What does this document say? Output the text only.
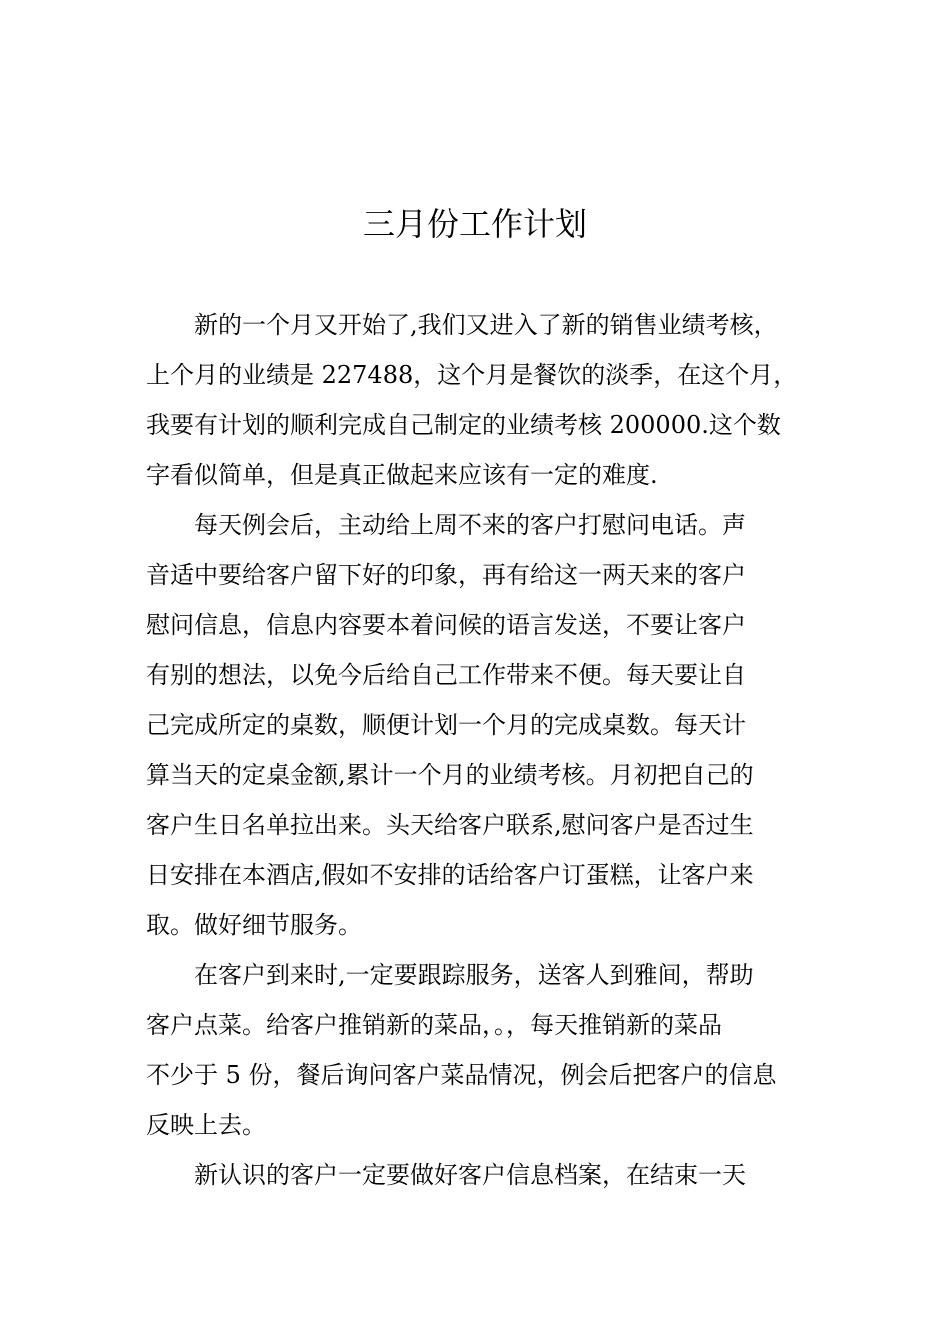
三月份工作计划
新的一个月又开始了,我们又进入了新的销售业绩考核，
上个月的业绩是 227488，这个月是餐饮的淡季，在这个月，
我要有计划的顺利完成自己制定的业绩考核 200000.这个数
字看似简单，但是真正做起来应该有一定的难度.
每天例会后，主动给上周不来的客户打慰问电话。声
音适中要给客户留下好的印象，再有给这一两天来的客户
慰问信息，信息内容要本着问候的语言发送，不要让客户
有别的想法，以免今后给自己工作带来不便。每天要让自
己完成所定的桌数，顺便计划一个月的完成桌数。每天计
算当天的定桌金额,累计一个月的业绩考核。月初把自己的
客户生日名单拉出来。头天给客户联系,慰问客户是否过生
日安排在本酒店,假如不安排的话给客户订蛋糕，让客户来
取。做好细节服务。
在客户到来时,一定要跟踪服务，送客人到雅间，帮助
客户点菜。给客户推销新的菜品，。，每天推销新的菜品
不少于 5 份，餐后询问客户菜品情况，例会后把客户的信息
反映上去。
新认识的客户一定要做好客户信息档案，在结束一天
